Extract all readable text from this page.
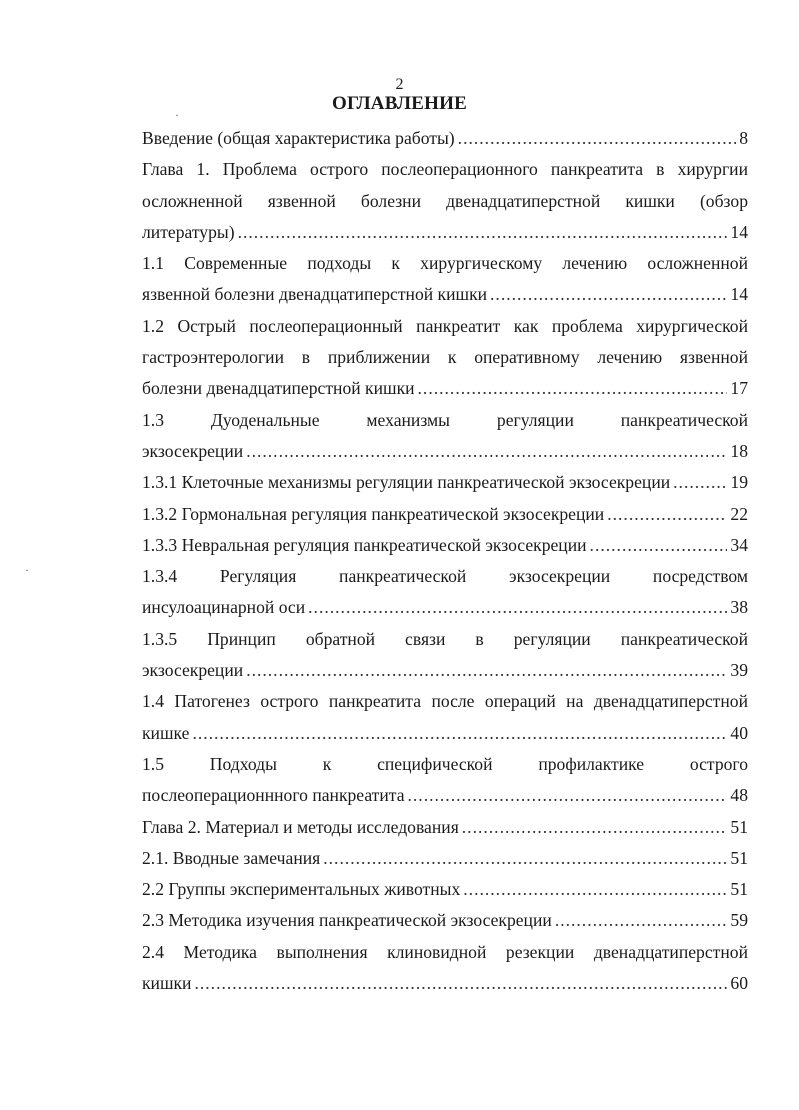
2
ОГЛАВЛЕНИЕ
·
·
Введение (общая характеристика работы) .....	8
Глава 1. Проблема острого послеоперационного панкреатита в хирургии
осложненной язвенной болезни двенадцатиперстной кишки (обзор
литературы) .....	14
1.1 Современные подходы к хирургическому лечению осложненной
язвенной болезни двенадцатиперстной кишки .....	14
1.2 Острый послеоперационный панкреатит как проблема хирургической
гастроэнтерологии в приближении к оперативному лечению язвенной
болезни двенадцатиперстной кишки .....	17
1.3 Дуоденальные механизмы регуляции панкреатической
экзосекреции .....	18
1.3.1 Клеточные механизмы регуляции панкреатической экзосекреции .....	19
1.3.2 Гормональная регуляция панкреатической экзосекреции .....	22
1.3.3 Невральная регуляция панкреатической экзосекреции .....	34
1.3.4 Регуляция панкреатической экзосекреции посредством
инсулоацинарной оси .....	38
1.3.5 Принцип обратной связи в регуляции панкреатической
экзосекреции .....	39
1.4 Патогенез острого панкреатита после операций на двенадцатиперстной
кишке .....	40
1.5 Подходы к специфической профилактике острого
послеоперационнного панкреатита .....	48
Глава 2. Материал и методы исследования .....	51
2.1. Вводные замечания .....	51
2.2 Группы экспериментальных животных .....	51
2.3 Методика изучения панкреатической экзосекреции .....	59
2.4 Методика выполнения клиновидной резекции двенадцатиперстной
кишки .....	60
